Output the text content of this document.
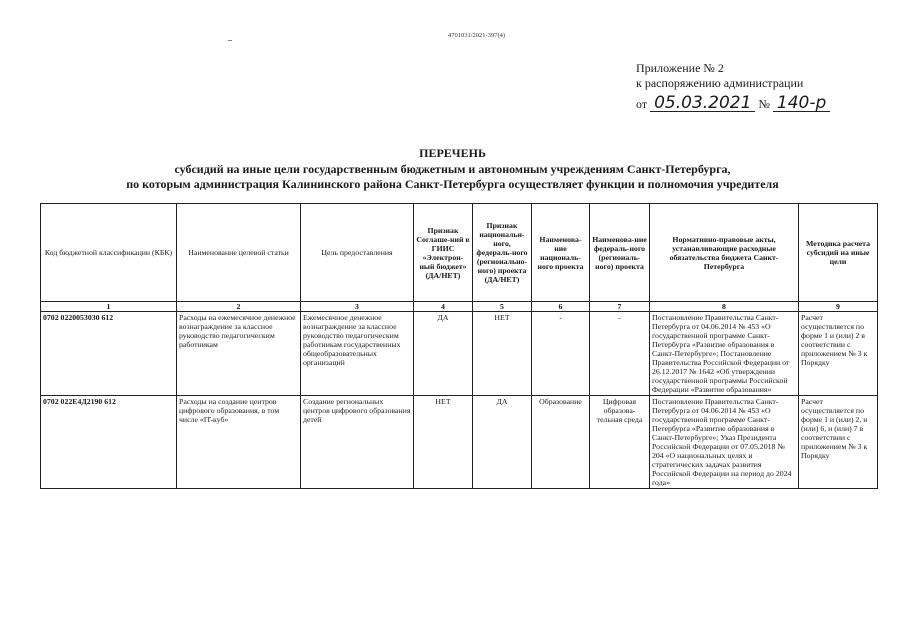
4701031/2021-397(4)
Приложение № 2
к распоряжению администрации
от 05.03.2021 № 140-р
ПЕРЕЧЕНЬ
субсидий на иные цели государственным бюджетным и автономным учреждениям Санкт-Петербурга,
по которым администрация Калининского района Санкт-Петербурга осуществляет функции и полномочия учредителя
Код бюджетной классификации (КБК)	Наименование целевой статьи	Цель предоставления	Признак Соглаше-ний в ГИИС «Электрон-ный бюджет» (ДА/НЕТ)	Признак национальн-ного, федераль-ного (регионально-ного) проекта (ДА/НЕТ)	Наименова-ние националь-ного проекта	Наименова-ние федераль-ного (региональ-ного) проекта	Нормативно-правовые акты, устанавливающие расходные обязательства бюджета Санкт-Петербурга	Методика расчета субсидий на иные цели
1	2	3	4	5	6	7	8	9
0702 0220053030 612	Расходы на ежемесячное денежное вознаграждение за классное руководство педагогическим работникам	Ежемесячное денежное вознаграждение за классное руководство педагогическим работникам государственных общеобразовательных организаций	ДА	НЕТ	-	-	Постановление Правительства Санкт-Петербурга от 04.06.2014 № 453 «О государственной программе Санкт-Петербурга «Развитие образования в Санкт-Петербурге»; Постановление Правительства Российской Федерации от 26.12.2017 № 1642 «Об утверждении государственной программы Российской Федерации «Развитие образования»	Расчет осуществляется по форме 1 и (или) 2 в соответствии с приложением № 3 к Порядку
0702 022Е4Д2190 612	Расходы на создание центров цифрового образования, в том числе «IT-куб»	Создание региональных центров цифрового образования детей	НЕТ	ДА	Образование	Цифровая образова-тельная среда	Постановление Правительства Санкт-Петербурга от 04.06.2014 № 453 «О государственной программе Санкт-Петербурга «Развитие образования в Санкт-Петербурге»; Указ Президента Российской Федерации от 07.05.2018 № 204 «О национальных целях и стратегических задачах развития Российской Федерации на период до 2024 года»	Расчет осуществляется по форме 1 и (или) 2, и (или) 6, и (или) 7 в соответствии с приложением № 3 к Порядку
